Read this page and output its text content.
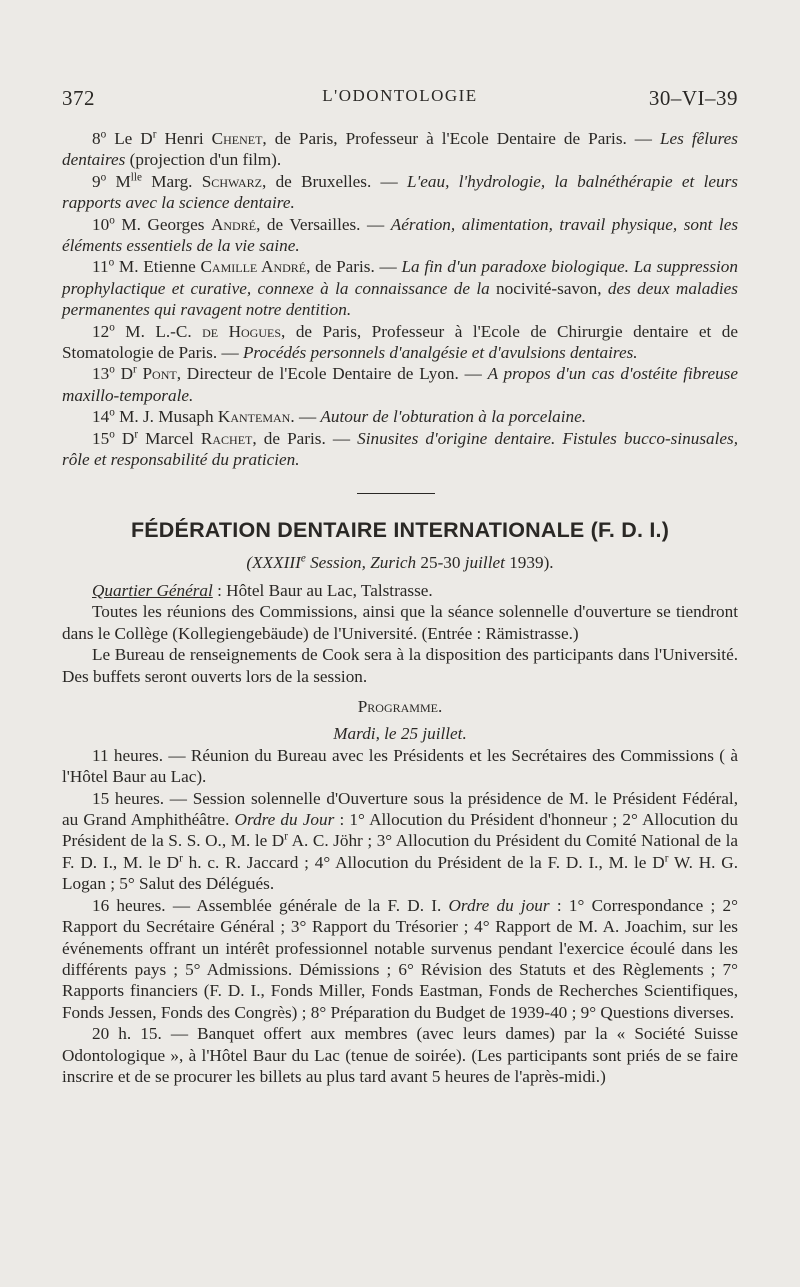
372	L'ODONTOLOGIE	30–VI–39

8$^o$ Le $D^r$ Henri Chenet, de Paris, Professeur à l'Ecole Dentaire de Paris. — Les fêlures dentaires (projection d'un film).

9$^o$ $M^{lle}$ Marg. Schwarz, de Bruxelles. — L'eau, l'hydrologie, la balnéthérapie et leurs rapports avec la science dentaire.

10$^o$ M. Georges André, de Versailles. — Aération, alimentation, travail physique, sont les éléments essentiels de la vie saine.

11$^o$ M. Etienne Camille André, de Paris. — La fin d'un paradoxe biologique. La suppression prophylactique et curative, connexe à la connaissance de la nocivité-savon, des deux maladies permanentes qui ravagent notre dentition.

12$^o$ M. L.-C. de Hogues, de Paris, Professeur à l'Ecole de Chirurgie dentaire et de Stomatologie de Paris. — Procédés personnels d'analgésie et d'avulsions dentaires.

13$^o$ $D^r$ Pont, Directeur de l'Ecole Dentaire de Lyon. — A propos d'un cas d'ostéite fibreuse maxillo-temporale.

14$^o$ M. J. Musaph Kanteman. — Autour de l'obturation à la porcelaine.

15$^o$ $D^r$ Marcel Rachet, de Paris. — Sinusites d'origine dentaire. Fistules bucco-sinusales, rôle et responsabilité du praticien.

FÉDÉRATION DENTAIRE INTERNATIONALE (F. D. I.)
(XXXIIIe Session, Zurich 25-30 juillet 1939).

Quartier Général : Hôtel Baur au Lac, Talstrasse.

Toutes les réunions des Commissions, ainsi que la séance solennelle d'ouverture se tiendront dans le Collège (Kollegiengebäude) de l'Université. (Entrée : Rämistrasse.)

Le Bureau de renseignements de Cook sera à la disposition des participants dans l'Université. Des buffets seront ouverts lors de la session.

Programme.

Mardi, le 25 juillet.

11 heures. — Réunion du Bureau avec les Présidents et les Secrétaires des Commissions ( à l'Hôtel Baur au Lac).

15 heures. — Session solennelle d'Ouverture sous la présidence de M. le Président Fédéral, au Grand Amphithéâtre. Ordre du Jour : 1° Allocution du Président d'honneur ; 2° Allocution du Président de la S. S. O., M. le $D^r$ A. C. Jöhr ; 3° Allocution du Président du Comité National de la F. D. I., M. le $D^r$ h. c. R. Jaccard ; 4° Allocution du Président de la F. D. I., M. le $D^r$ W. H. G. Logan ; 5° Salut des Délégués.

16 heures. — Assemblée générale de la F. D. I. Ordre du jour : 1° Correspondance ; 2° Rapport du Secrétaire Général ; 3° Rapport du Trésorier ; 4° Rapport de M. A. Joachim, sur les événements offrant un intérêt professionnel notable survenus pendant l'exercice écoulé dans les différents pays ; 5° Admissions. Démissions ; 6° Révision des Statuts et des Règlements ; 7° Rapports financiers (F. D. I., Fonds Miller, Fonds Eastman, Fonds de Recherches Scientifiques, Fonds Jessen, Fonds des Congrès) ; 8° Préparation du Budget de 1939-40 ; 9° Questions diverses.

20 h. 15. — Banquet offert aux membres (avec leurs dames) par la « Société Suisse Odontologique », à l'Hôtel Baur du Lac (tenue de soirée). (Les participants sont priés de se faire inscrire et de se procurer les billets au plus tard avant 5 heures de l'après-midi.)
